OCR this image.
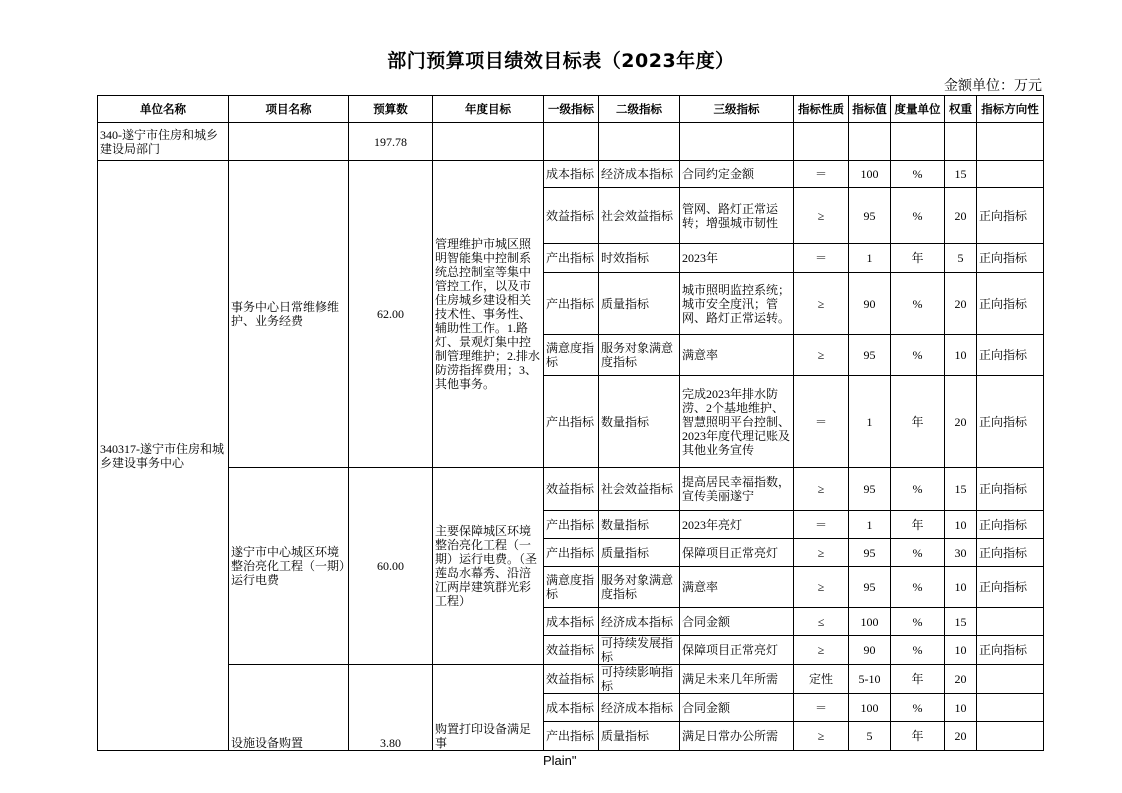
部门预算项目绩效目标表（2023年度）
金额单位：万元
单位名称	项目名称	预算数	年度目标	一级指标	二级指标	三级指标	指标性质	指标值	度量单位	权重	指标方向性
340-遂宁市住房和城乡建设局部门		197.78									
340317-遂宁市住房和城乡建设事务中心	事务中心日常维修维护、业务经费	62.00	管理维护市城区照明智能集中控制系统总控制室等集中管控工作，以及市住房城乡建设相关技术性、事务性、辅助性工作。1.路灯、景观灯集中控制管理维护；2.排水防涝指挥费用；3、其他事务。	成本指标	经济成本指标	合同约定金额	＝	100	%	15	
				效益指标	社会效益指标	管网、路灯正常运转；增强城市韧性	≥	95	%	20	正向指标
				产出指标	时效指标	2023年	＝	1	年	5	正向指标
				产出指标	质量指标	城市照明监控系统；城市安全度汛；管网、路灯正常运转。	≥	90	%	20	正向指标
				满意度指标	服务对象满意度指标	满意率	≥	95	%	10	正向指标
				产出指标	数量指标	完成2023年排水防涝、2个基地维护、智慧照明平台控制、2023年度代理记账及其他业务宣传	＝	1	年	20	正向指标
	遂宁市中心城区环境整治亮化工程（一期）运行电费	60.00	主要保障城区环境整治亮化工程（一期）运行电费。（圣莲岛水幕秀、沿涪江两岸建筑群光彩工程）	效益指标	社会效益指标	提高居民幸福指数，宣传美丽遂宁	≥	95	%	15	正向指标
				产出指标	数量指标	2023年亮灯	＝	1	年	10	正向指标
				产出指标	质量指标	保障项目正常亮灯	≥	95	%	30	正向指标
				满意度指标	服务对象满意度指标	满意率	≥	95	%	10	正向指标
				成本指标	经济成本指标	合同金额	≤	100	%	15	
				效益指标	可持续发展指标	保障项目正常亮灯	≥	90	%	10	正向指标
	设施设备购置	3.80	购置打印设备满足事	效益指标	可持续影响指标	满足未来几年所需	定性	5-10	年	20	
				成本指标	经济成本指标	合同金额	＝	100	%	10	
				产出指标	质量指标	满足日常办公所需	≥	5	年	20	
Plain"
